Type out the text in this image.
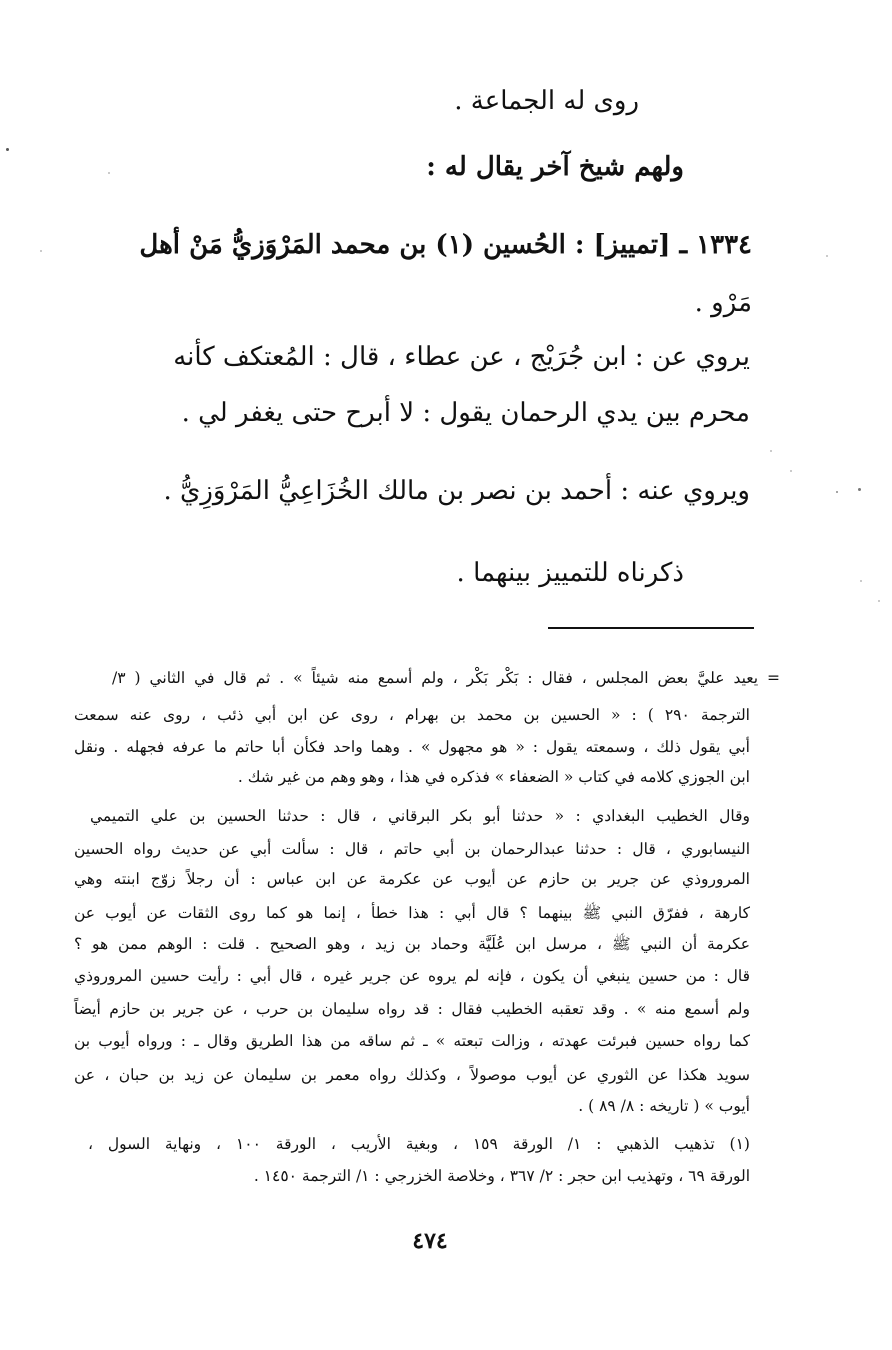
روى له الجماعة .
ولهم شيخ آخر يقال له :
١٣٣٤ ـ [تمييز] : الحُسين (١) بن محمد المَرْوَزيُّ مَنْ أهل
مَرْو .
يروي عن : ابن جُرَيْج ، عن عطاء ، قال : المُعتكف كأنه
محرم بين يدي الرحمان يقول : لا أبرح حتى يغفر لي .
ويروي عنه : أحمد بن نصر بن مالك الخُزَاعِيُّ المَرْوَزِيُّ .
ذكرناه للتمييز بينهما .
= يعيد عليَّ بعض المجلس ، فقال : بَكْر بَكْر ، ولم أسمع منه شيئاً » . ثم قال في الثاني ( ٣/
الترجمة ٢٩٠ ) : « الحسين بن محمد بن بهرام ، روى عن ابن أبي ذئب ، روى عنه سمعت
أبي يقول ذلك ، وسمعته يقول : « هو مجهول » . وهما واحد فكأن أبا حاتم ما عرفه فجهله . ونقل
ابن الجوزي كلامه في كتاب « الضعفاء » فذكره في هذا ، وهو وهم من غير شك .
وقال الخطيب البغدادي : « حدثنا أبو بكر البرقاني ، قال : حدثنا الحسين بن علي التميمي
النيسابوري ، قال : حدثنا عبدالرحمان بن أبي حاتم ، قال : سألت أبي عن حديث رواه الحسين
المروروذي عن جرير بن حازم عن أيوب عن عكرمة عن ابن عباس : أن رجلاً زوّج ابنته وهي
كارهة ، ففرّق النبي ﷺ بينهما ؟ قال أبي : هذا خطأ ، إنما هو كما روى الثقات عن أيوب عن
عكرمة أن النبي ﷺ ، مرسل ابن عُلَيَّة وحماد بن زيد ، وهو الصحيح . قلت : الوهم ممن هو ؟
قال : من حسين ينبغي أن يكون ، فإنه لم يروه عن جرير غيره ، قال أبي : رأيت حسين المروروذي
ولم أسمع منه » . وقد تعقبه الخطيب فقال : قد رواه سليمان بن حرب ، عن جرير بن حازم أيضاً
كما رواه حسين فبرئت عهدته ، وزالت تبعته » ـ ثم ساقه من هذا الطريق وقال ـ : ورواه أيوب بن
سويد هكذا عن الثوري عن أيوب موصولاً ، وكذلك رواه معمر بن سليمان عن زيد بن حبان ، عن
أيوب » ( تاريخه : ٨/ ٨٩ ) .
(١) تذهيب الذهبي : ١/ الورقة ١٥٩ ، وبغية الأريب ، الورقة ١٠٠ ، ونهاية السول ،
الورقة ٦٩ ، وتهذيب ابن حجر : ٢/ ٣٦٧ ، وخلاصة الخزرجي : ١/ الترجمة ١٤٥٠ .
٤٧٤
